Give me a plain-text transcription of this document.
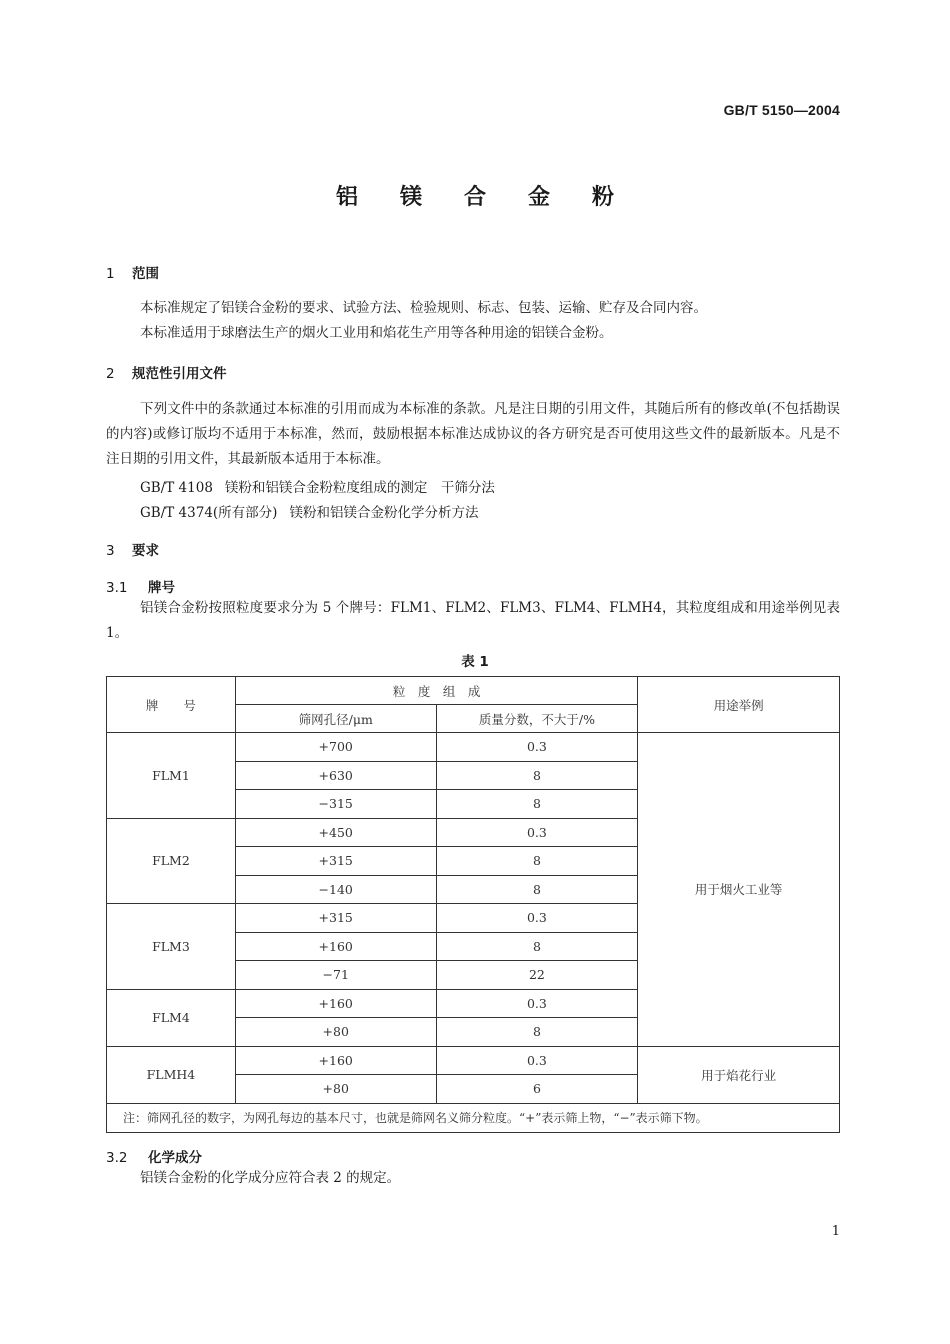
GB/T 5150—2004
铝镁合金粉
1 范围
本标准规定了铝镁合金粉的要求、试验方法、检验规则、标志、包装、运输、贮存及合同内容。
本标准适用于球磨法生产的烟火工业用和焰花生产用等各种用途的铝镁合金粉。
2 规范性引用文件
下列文件中的条款通过本标准的引用而成为本标准的条款。凡是注日期的引用文件，其随后所有的修改单(不包括勘误的内容)或修订版均不适用于本标准，然而，鼓励根据本标准达成协议的各方研究是否可使用这些文件的最新版本。凡是不注日期的引用文件，其最新版本适用于本标准。
GB/T 4108 镁粉和铝镁合金粉粒度组成的测定　干筛分法
GB/T 4374(所有部分) 镁粉和铝镁合金粉化学分析方法
3 要求
3.1 牌号
铝镁合金粉按照粒度要求分为 5 个牌号：FLM1、FLM2、FLM3、FLM4、FLMH4，其粒度组成和用途举例见表 1。
表 1
牌　　号	粒　度　组　成		用途举例
	筛网孔径/μm	质量分数，不大于/%	
FLM1	+700	0.3	用于烟火工业等
	+630	8	
	−315	8	
FLM2	+450	0.3	
	+315	8	
	−140	8	
FLM3	+315	0.3	
	+160	8	
	−71	22	
FLM4	+160	0.3	
	+80	8	
FLMH4	+160	0.3	用于焰花行业
	+80	6	
注：筛网孔径的数字，为网孔每边的基本尺寸，也就是筛网名义筛分粒度。“+”表示筛上物，“−”表示筛下物。			
3.2 化学成分
铝镁合金粉的化学成分应符合表 2 的规定。
1
